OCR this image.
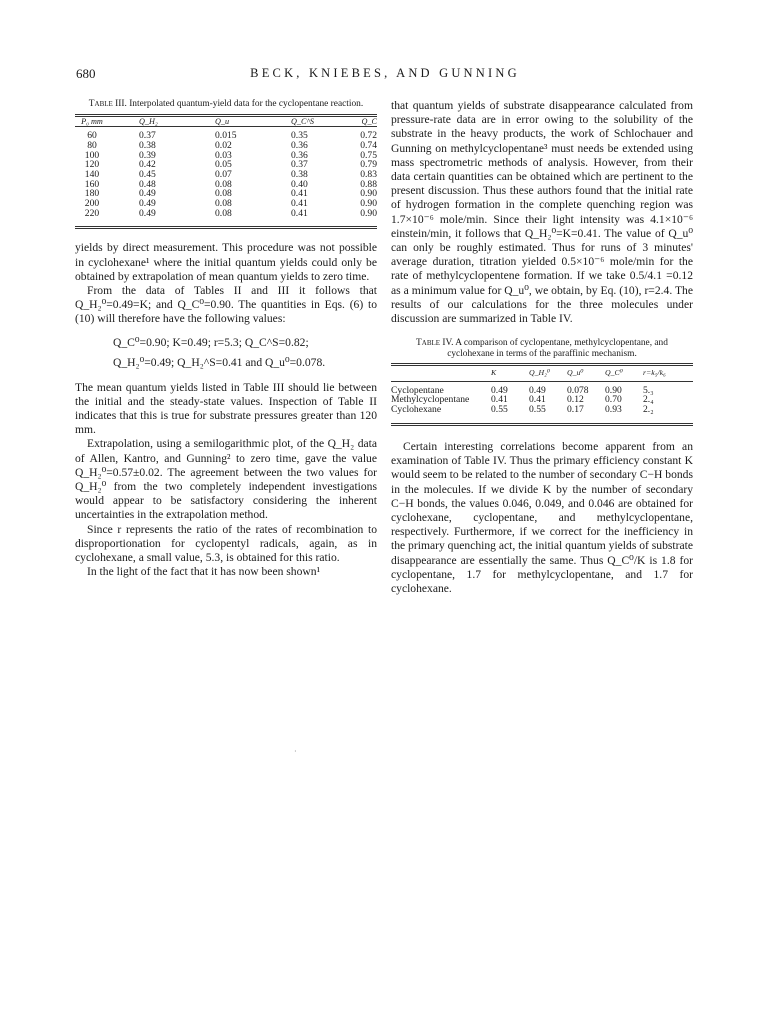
680	BECK, KNIEBES, AND GUNNING
Table III. Interpolated quantum-yield data for the cyclopentane reaction.
P₀ mm	Q_H₂	Q_u	Q_C^S	Q_C

60	0.37	0.015	0.35	0.72
80	0.38	0.02	0.36	0.74
100	0.39	0.03	0.36	0.75
120	0.42	0.05	0.37	0.79
140	0.45	0.07	0.38	0.83
160	0.48	0.08	0.40	0.88
180	0.49	0.08	0.41	0.90
200	0.49	0.08	0.41	0.90
220	0.49	0.08	0.41	0.90

yields by direct measurement. This procedure was not possible in cyclohexane¹ where the initial quantum yields could only be obtained by extrapolation of mean quantum yields to zero time.

From the data of Tables II and III it follows that Q_H₂⁰=0.49=K; and Q_C⁰=0.90. The quantities in Eqs. (6) to (10) will therefore have the following values:

Q_C⁰=0.90; K=0.49; r=5.3; Q_C^S=0.82;
Q_H₂⁰=0.49; Q_H₂^S=0.41 and Q_u⁰=0.078.

The mean quantum yields listed in Table III should lie between the initial and the steady-state values. Inspection of Table II indicates that this is true for substrate pressures greater than 120 mm.

Extrapolation, using a semilogarithmic plot, of the Q_H₂ data of Allen, Kantro, and Gunning² to zero time, gave the value Q_H₂⁰=0.57±0.02. The agreement between the two values for Q_H₂⁰ from the two completely independent investigations would appear to be satisfactory considering the inherent uncertainties in the extrapolation method.

Since r represents the ratio of the rates of recombination to disproportionation for cyclopentyl radicals, again, as in cyclohexane, a small value, 5.3, is obtained for this ratio.

In the light of the fact that it has now been shown¹

that quantum yields of substrate disappearance calculated from pressure-rate data are in error owing to the solubility of the substrate in the heavy products, the work of Schlochauer and Gunning on methylcyclopentane³ must needs be extended using mass spectrometric methods of analysis. However, from their data certain quantities can be obtained which are pertinent to the present discussion. Thus these authors found that the initial rate of hydrogen formation in the complete quenching region was 1.7×10⁻⁶ mole/min. Since their light intensity was 4.1×10⁻⁶ einstein/min, it follows that Q_H₂⁰=K=0.41. The value of Q_u⁰ can only be roughly estimated. Thus for runs of 3 minutes' average duration, titration yielded 0.5×10⁻⁶ mole/min for the rate of methylcyclopentene formation. If we take 0.5/4.1 =0.12 as a minimum value for Q_u⁰, we obtain, by Eq. (10), r=2.4. The results of our calculations for the three molecules under discussion are summarized in Table IV.

Table IV. A comparison of cyclopentane, methylcyclopentane, and cyclohexane in terms of the paraffinic mechanism.
	K	Q_H₂⁰	Q_u⁰	Q_C⁰	r=k₅/k₆

Cyclopentane	0.49	0.49	0.078	0.90	5.₃
Methylcyclopentane	0.41	0.41	0.12	0.70	2.₄
Cyclohexane	0.55	0.55	0.17	0.93	2.₂

Certain interesting correlations become apparent from an examination of Table IV. Thus the primary efficiency constant K would seem to be related to the number of secondary C−H bonds in the molecules. If we divide K by the number of secondary C−H bonds, the values 0.046, 0.049, and 0.046 are obtained for cyclohexane, cyclopentane, and methylcyclopentane, respectively. Furthermore, if we correct for the inefficiency in the primary quenching act, the initial quantum yields of substrate disappearance are essentially the same. Thus Q_C⁰/K is 1.8 for cyclopentane, 1.7 for methylcyclopentane, and 1.7 for cyclohexane.

·
